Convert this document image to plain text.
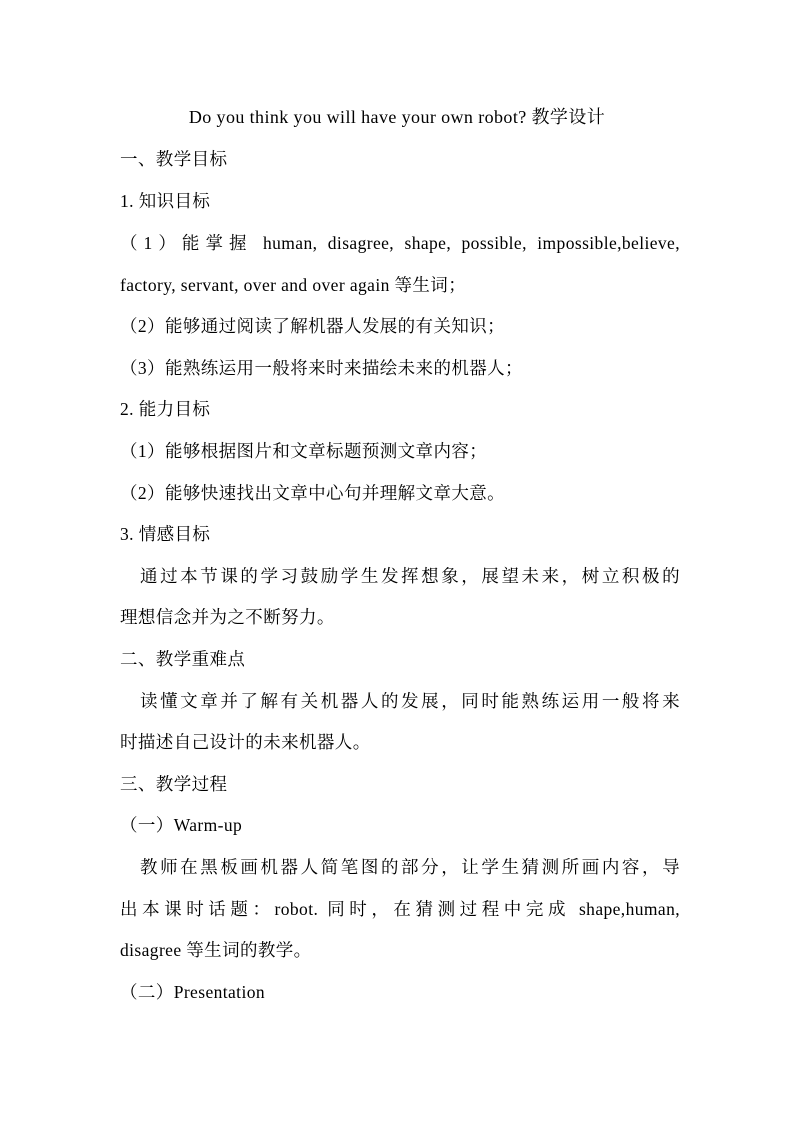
Do you think you will have your own robot? 教学设计
一、教学目标
1. 知识目标
（1）能掌握 human, disagree, shape, possible, impossible,believe,
factory, servant, over and over again 等生词；
（2）能够通过阅读了解机器人发展的有关知识；
（3）能熟练运用一般将来时来描绘未来的机器人；
2. 能力目标
（1）能够根据图片和文章标题预测文章内容；
（2）能够快速找出文章中心句并理解文章大意。
3. 情感目标
通过本节课的学习鼓励学生发挥想象，展望未来，树立积极的
理想信念并为之不断努力。
二、教学重难点
读懂文章并了解有关机器人的发展，同时能熟练运用一般将来
时描述自己设计的未来机器人。
三、教学过程
（一）Warm-up
教师在黑板画机器人简笔图的部分，让学生猜测所画内容，导
出本课时话题：robot. 同时，在猜测过程中完成 shape,human,
disagree 等生词的教学。
（二）Presentation
